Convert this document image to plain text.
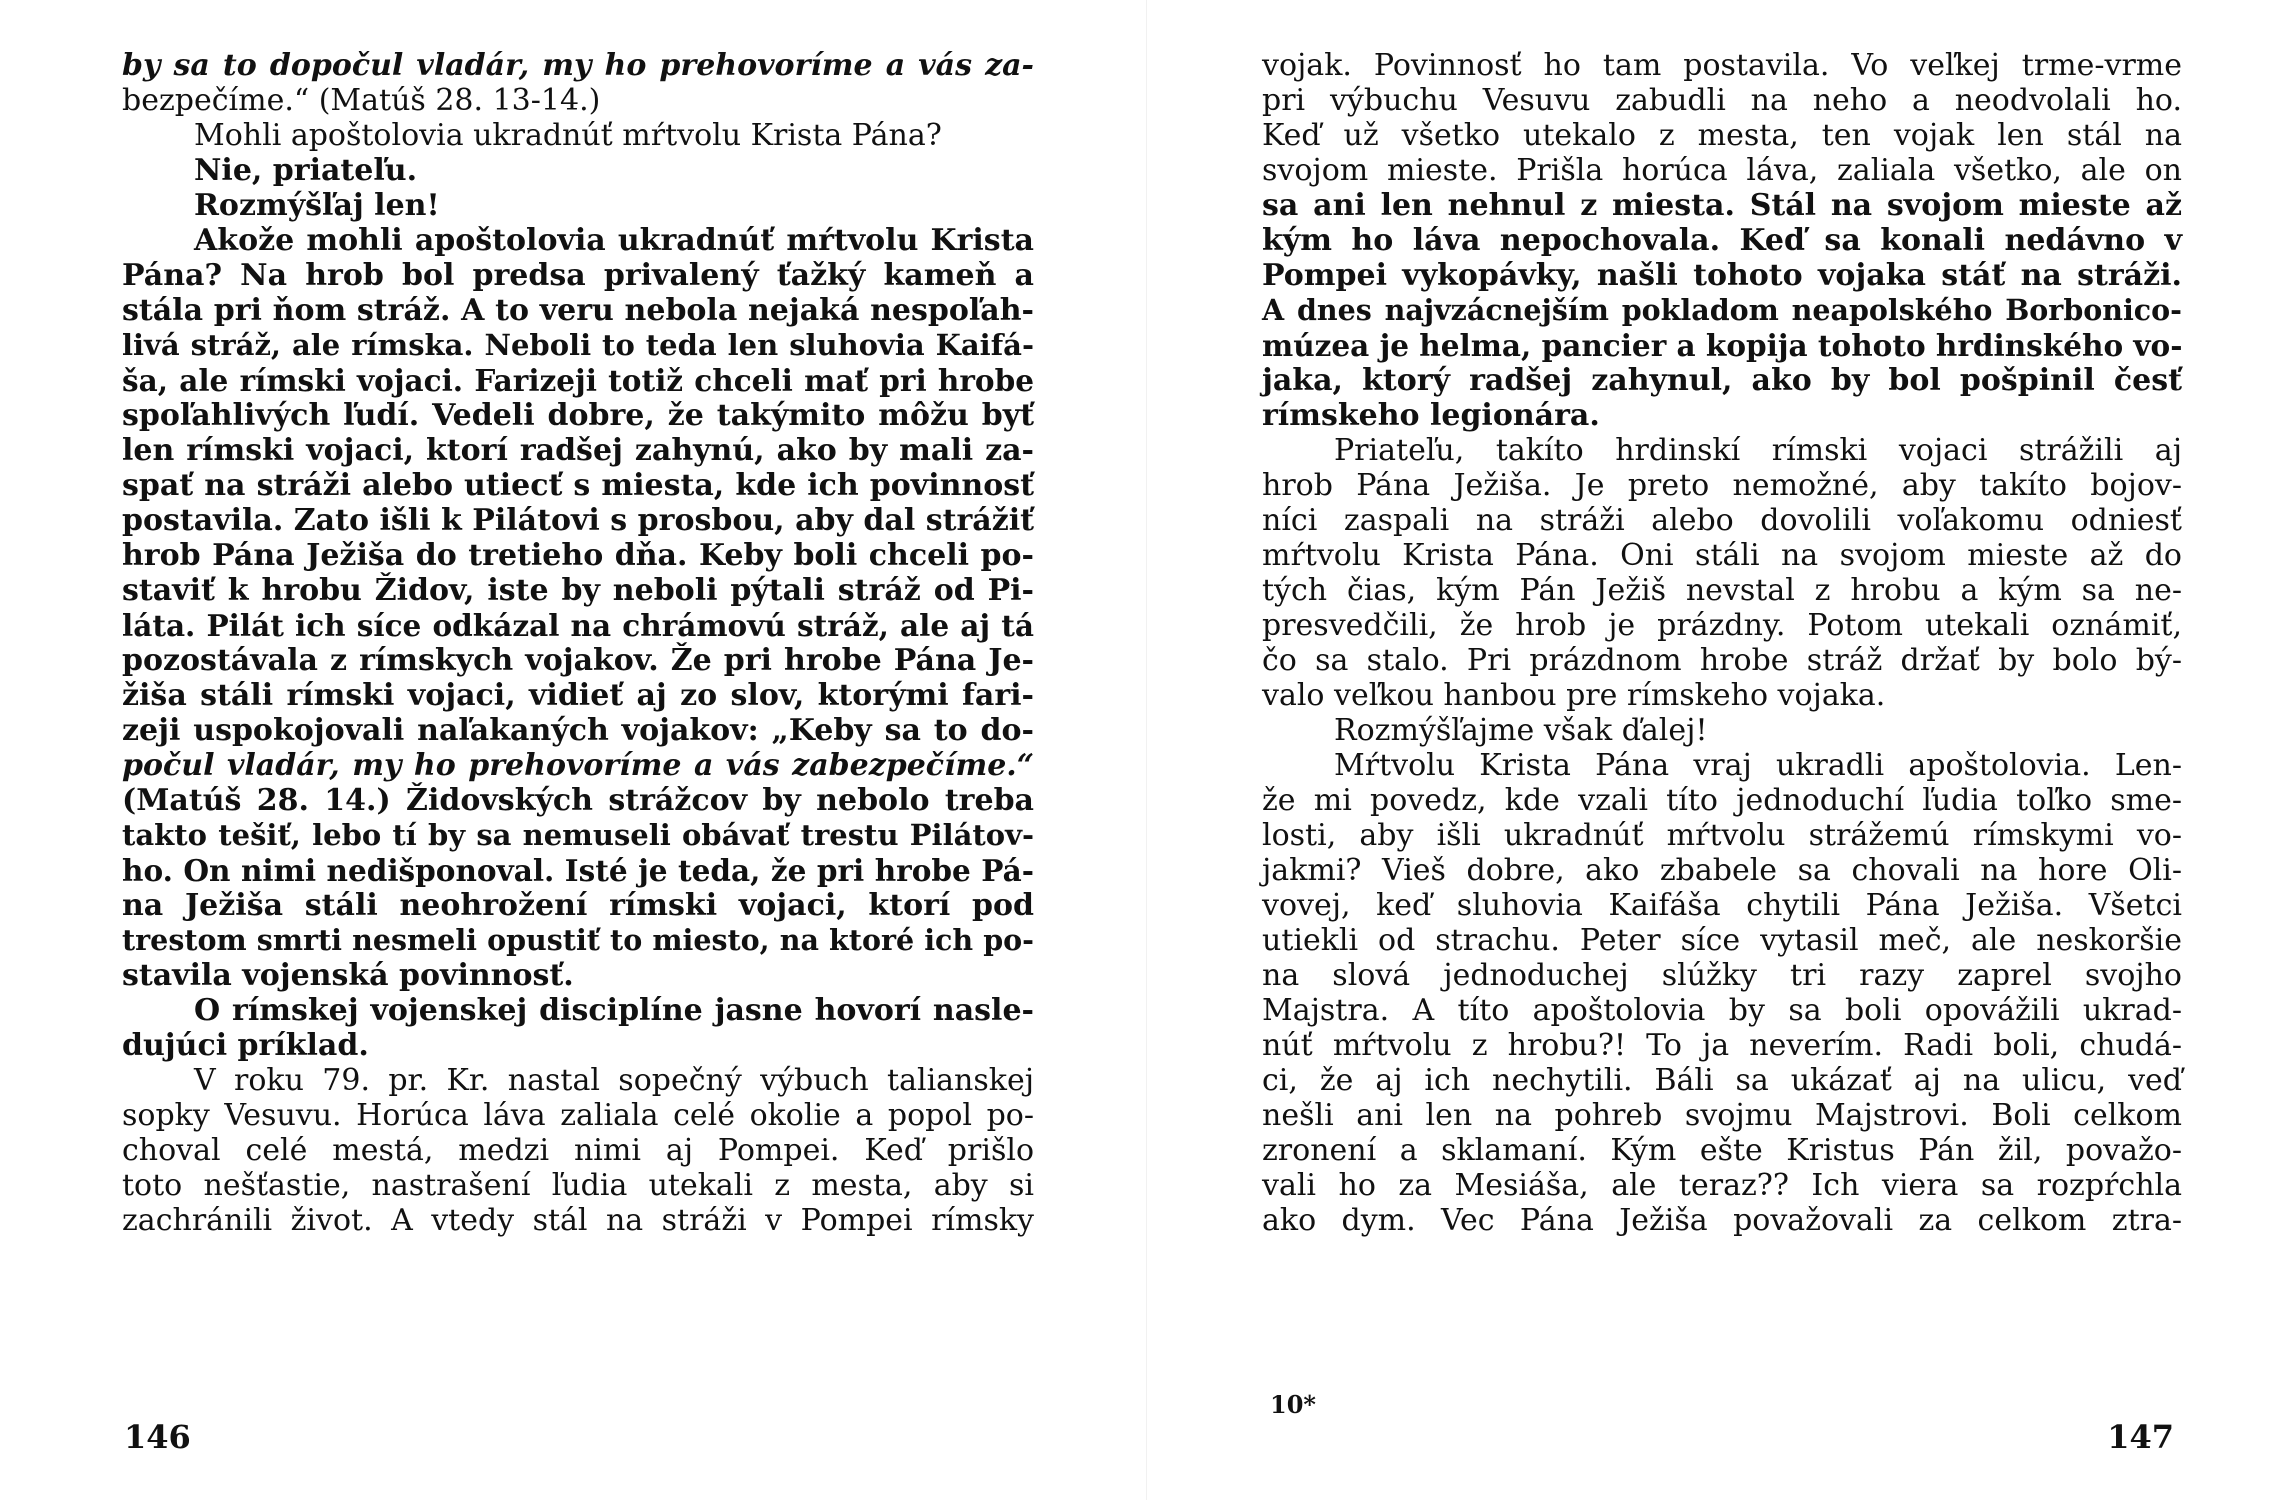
by sa to dopočul vladár, my ho prehovoríme a vás za-
bezpečíme.“ (Matúš 28. 13-14.)
Mohli apoštolovia ukradnúť mŕtvolu Krista Pána?
Nie, priateľu.
Rozmýšľaj len!
Akože mohli apoštolovia ukradnúť mŕtvolu Krista
Pána? Na hrob bol predsa privalený ťažký kameň a
stála pri ňom stráž. A to veru nebola nejaká nespoľah-
livá stráž, ale rímska. Neboli to teda len sluhovia Kaifá-
ša, ale rímski vojaci. Farizeji totiž chceli mať pri hrobe
spoľahlivých ľudí. Vedeli dobre, že takýmito môžu byť
len rímski vojaci, ktorí radšej zahynú, ako by mali za-
spať na stráži alebo utiecť s miesta, kde ich povinnosť
postavila. Zato išli k Pilátovi s prosbou, aby dal strážiť
hrob Pána Ježiša do tretieho dňa. Keby boli chceli po-
staviť k hrobu Židov, iste by neboli pýtali stráž od Pi-
láta. Pilát ich síce odkázal na chrámovú stráž, ale aj tá
pozostávala z rímskych vojakov. Že pri hrobe Pána Je-
žiša stáli rímski vojaci, vidieť aj zo slov, ktorými fari-
zeji uspokojovali naľakaných vojakov: „Keby sa to do-
počul vladár, my ho prehovoríme a vás zabezpečíme.“
(Matúš 28. 14.) Židovských strážcov by nebolo treba
takto tešiť, lebo tí by sa nemuseli obávať trestu Pilátov-
ho. On nimi nedišponoval. Isté je teda, že pri hrobe Pá-
na Ježiša stáli neohrožení rímski vojaci, ktorí pod
trestom smrti nesmeli opustiť to miesto, na ktoré ich po-
stavila vojenská povinnosť.
O rímskej vojenskej disciplíne jasne hovorí nasle-
dujúci príklad.
V roku 79. pr. Kr. nastal sopečný výbuch talianskej
sopky Vesuvu. Horúca láva zaliala celé okolie a popol po-
choval celé mestá, medzi nimi aj Pompei. Keď prišlo
toto nešťastie, nastrašení ľudia utekali z mesta, aby si
zachránili život. A vtedy stál na stráži v Pompei rímsky
146
vojak. Povinnosť ho tam postavila. Vo veľkej trme-vrme
pri výbuchu Vesuvu zabudli na neho a neodvolali ho.
Keď už všetko utekalo z mesta, ten vojak len stál na
svojom mieste. Prišla horúca láva, zaliala všetko, ale on
sa ani len nehnul z miesta. Stál na svojom mieste až
kým ho láva nepochovala. Keď sa konali nedávno v
Pompei vykopávky, našli tohoto vojaka stáť na stráži.
A dnes najvzácnejším pokladom neapolského Borbonico-
múzea je helma, pancier a kopija tohoto hrdinského vo-
jaka, ktorý radšej zahynul, ako by bol pošpinil česť
rímskeho legionára.
Priateľu, takíto hrdinskí rímski vojaci strážili aj
hrob Pána Ježiša. Je preto nemožné, aby takíto bojov-
níci zaspali na stráži alebo dovolili voľakomu odniesť
mŕtvolu Krista Pána. Oni stáli na svojom mieste až do
tých čias, kým Pán Ježiš nevstal z hrobu a kým sa ne-
presvedčili, že hrob je prázdny. Potom utekali oznámiť,
čo sa stalo. Pri prázdnom hrobe stráž držať by bolo bý-
valo veľkou hanbou pre rímskeho vojaka.
Rozmýšľajme však ďalej!
Mŕtvolu Krista Pána vraj ukradli apoštolovia. Len-
že mi povedz, kde vzali títo jednoduchí ľudia toľko sme-
losti, aby išli ukradnúť mŕtvolu strážemú rímskymi vo-
jakmi? Vieš dobre, ako zbabele sa chovali na hore Oli-
vovej, keď sluhovia Kaifáša chytili Pána Ježiša. Všetci
utiekli od strachu. Peter síce vytasil meč, ale neskoršie
na slová jednoduchej slúžky tri razy zaprel svojho
Majstra. A títo apoštolovia by sa boli opovážili ukrad-
núť mŕtvolu z hrobu?! To ja neverím. Radi boli, chudá-
ci, že aj ich nechytili. Báli sa ukázať aj na ulicu, veď
nešli ani len na pohreb svojmu Majstrovi. Boli celkom
zronení a sklamaní. Kým ešte Kristus Pán žil, považo-
vali ho za Mesiáša, ale teraz?? Ich viera sa rozpŕchla
ako dym. Vec Pána Ježiša považovali za celkom ztra-
147
10*
